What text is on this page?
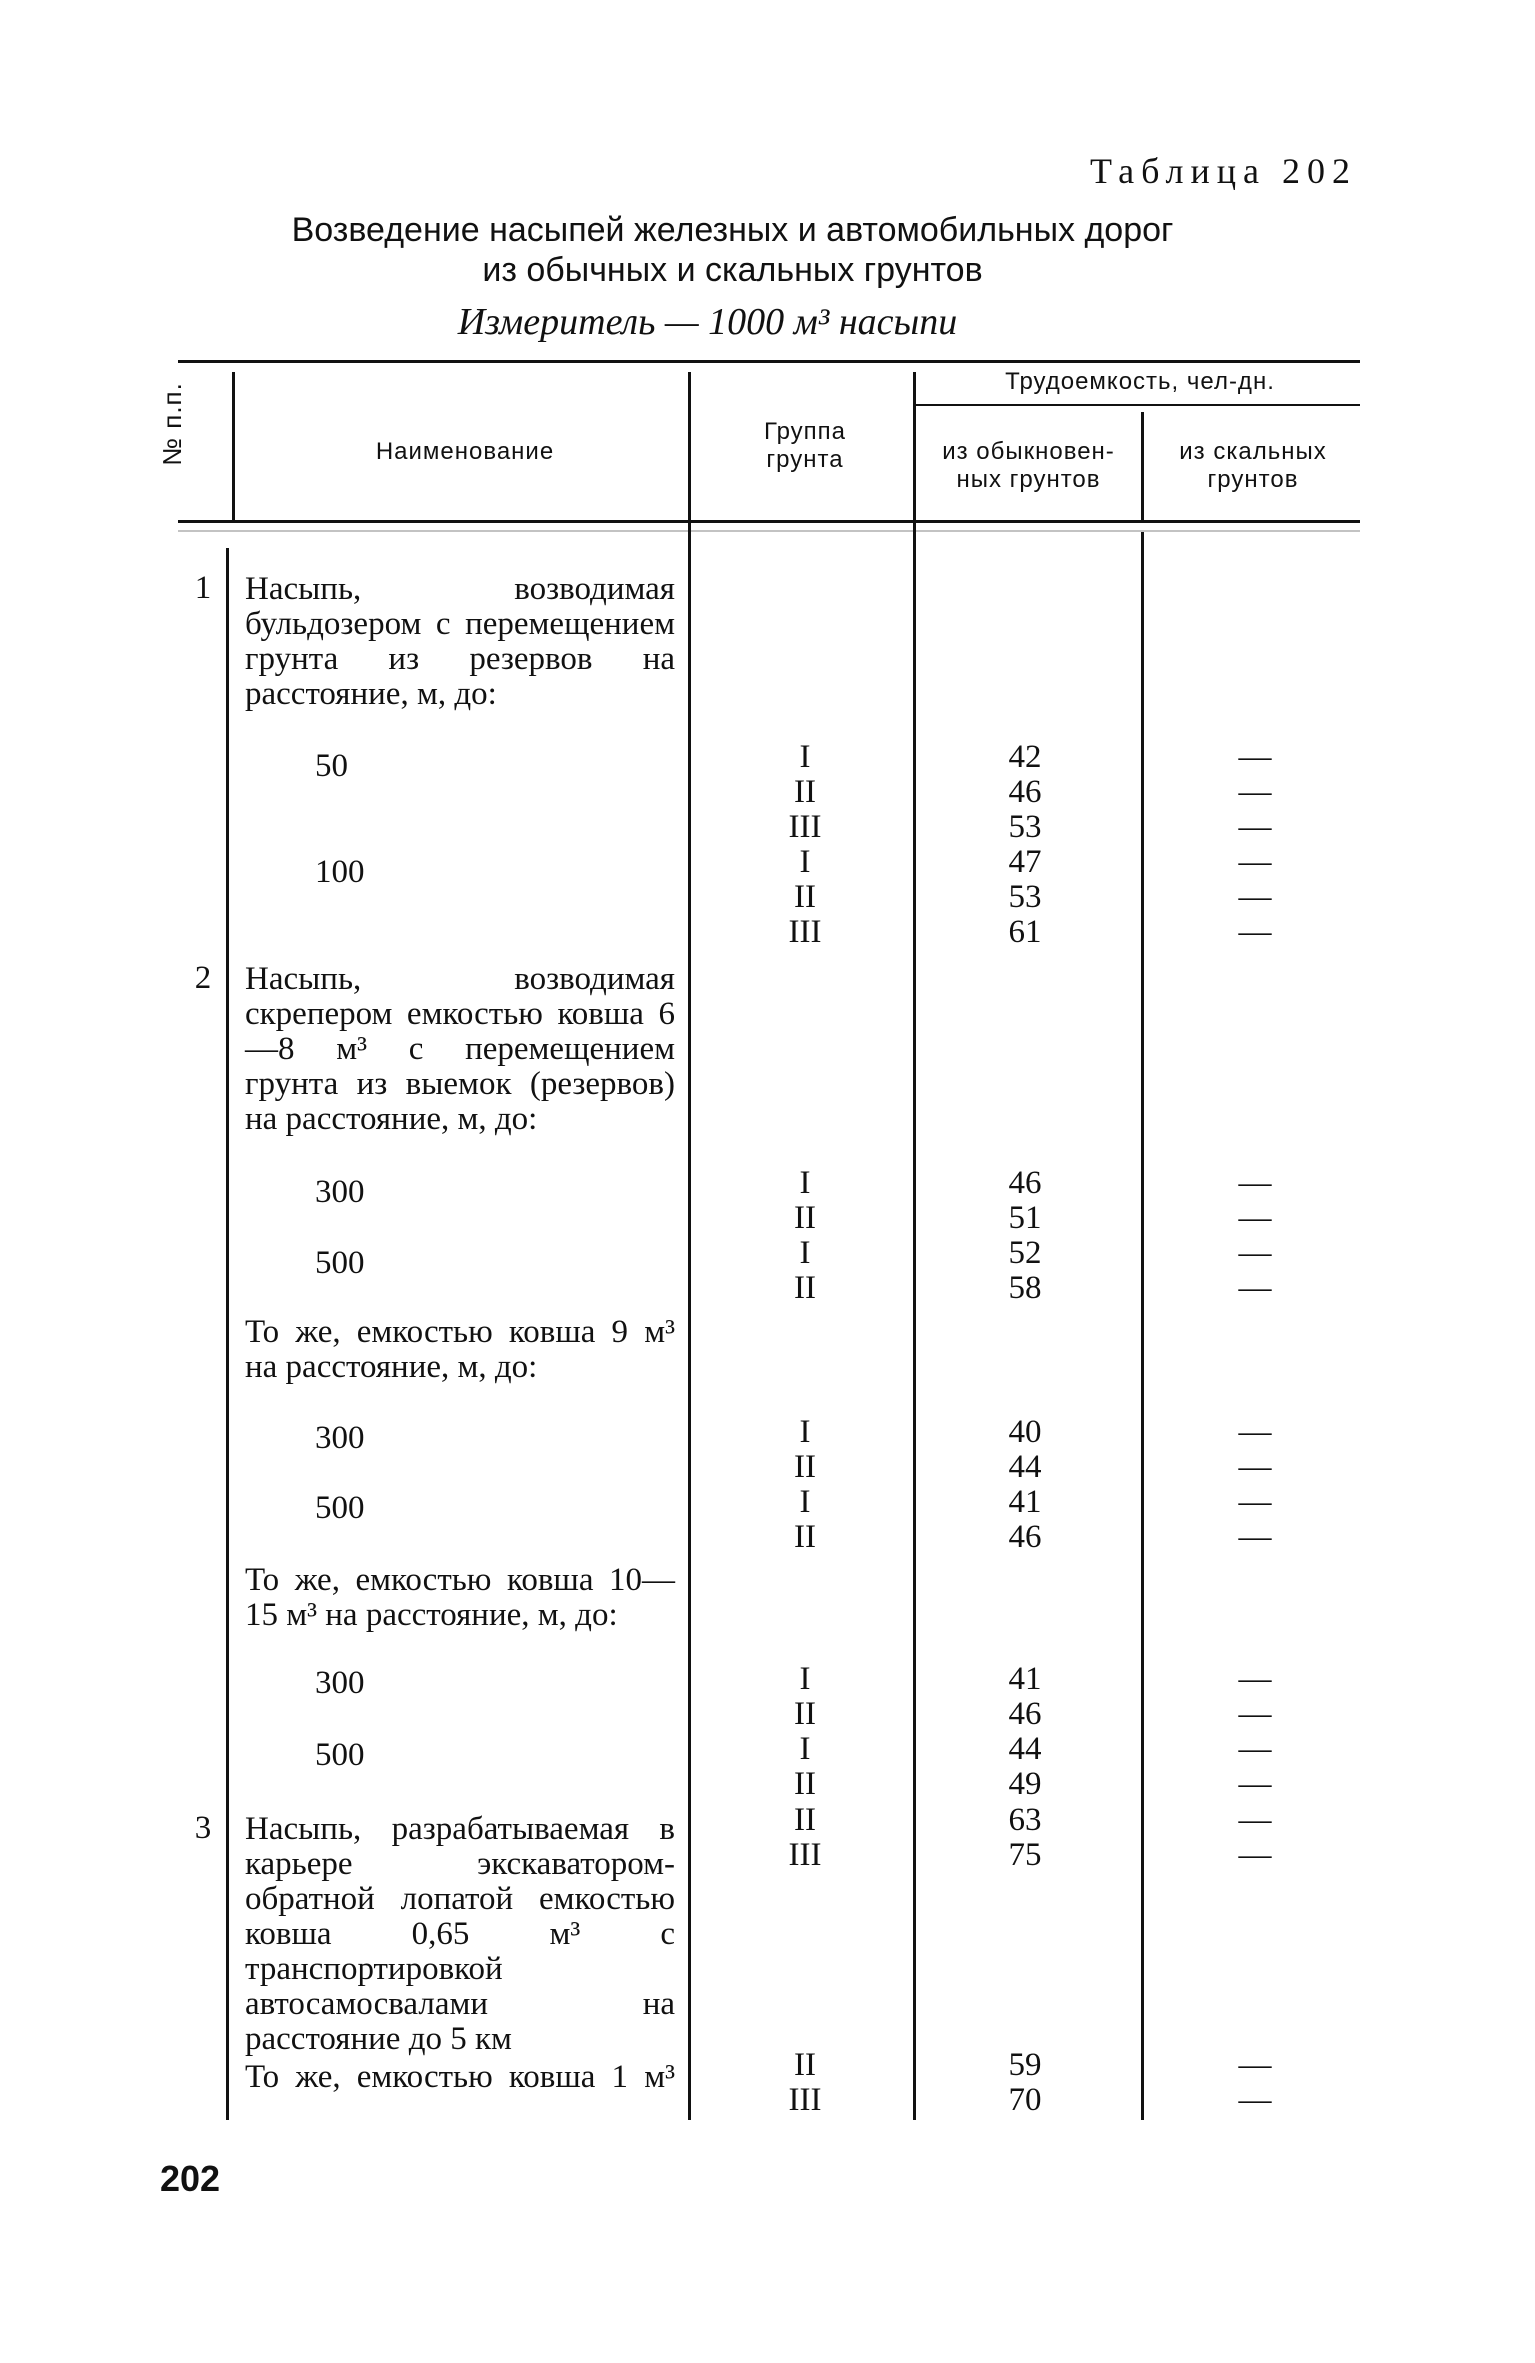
Таблица 202
Возведение насыпей железных и автомобильных дорог
из обычных и скальных грунтов
Измеритель — 1000 м³ насыпи
№ п.п.	Наименование
Группа
грунта
Трудоемкость, чел-дн.
из обыкновен-
ных грунтов
из скальных
грунтов
1 Насыпь, возводимая бульдозером с перемещением грунта из резервов на расстояние, м, до:
50
100
I
II
III
I
II
III
42
46
53
47
53
61
—
—
—
—
—
—
2 Насыпь, возводимая скрепером емкостью ковша 6—8 м³ с перемещением грунта из выемок (резервов) на расстояние, м, до:
300
500
I
II
I
II
46
51
52
58
—
—
—
—
То же, емкостью ковша 9 м³ на расстояние, м, до:
300
500
I
II
I
II
40
44
41
46
—
—
—
—
То же, емкостью ковша 10—15 м³ на расстояние, м, до:
300
500
I
II
I
II
41
46
44
49
—
—
—
—
3 Насыпь, разрабатываемая в карьере экскаватором-обратной лопатой емкостью ковша 0,65 м³ с транспортировкой автосамосвалами на расстояние до 5 км
II
III
63
75
—
—
То же, емкостью ковша 1 м³	II
III
59
70
—
—
202
